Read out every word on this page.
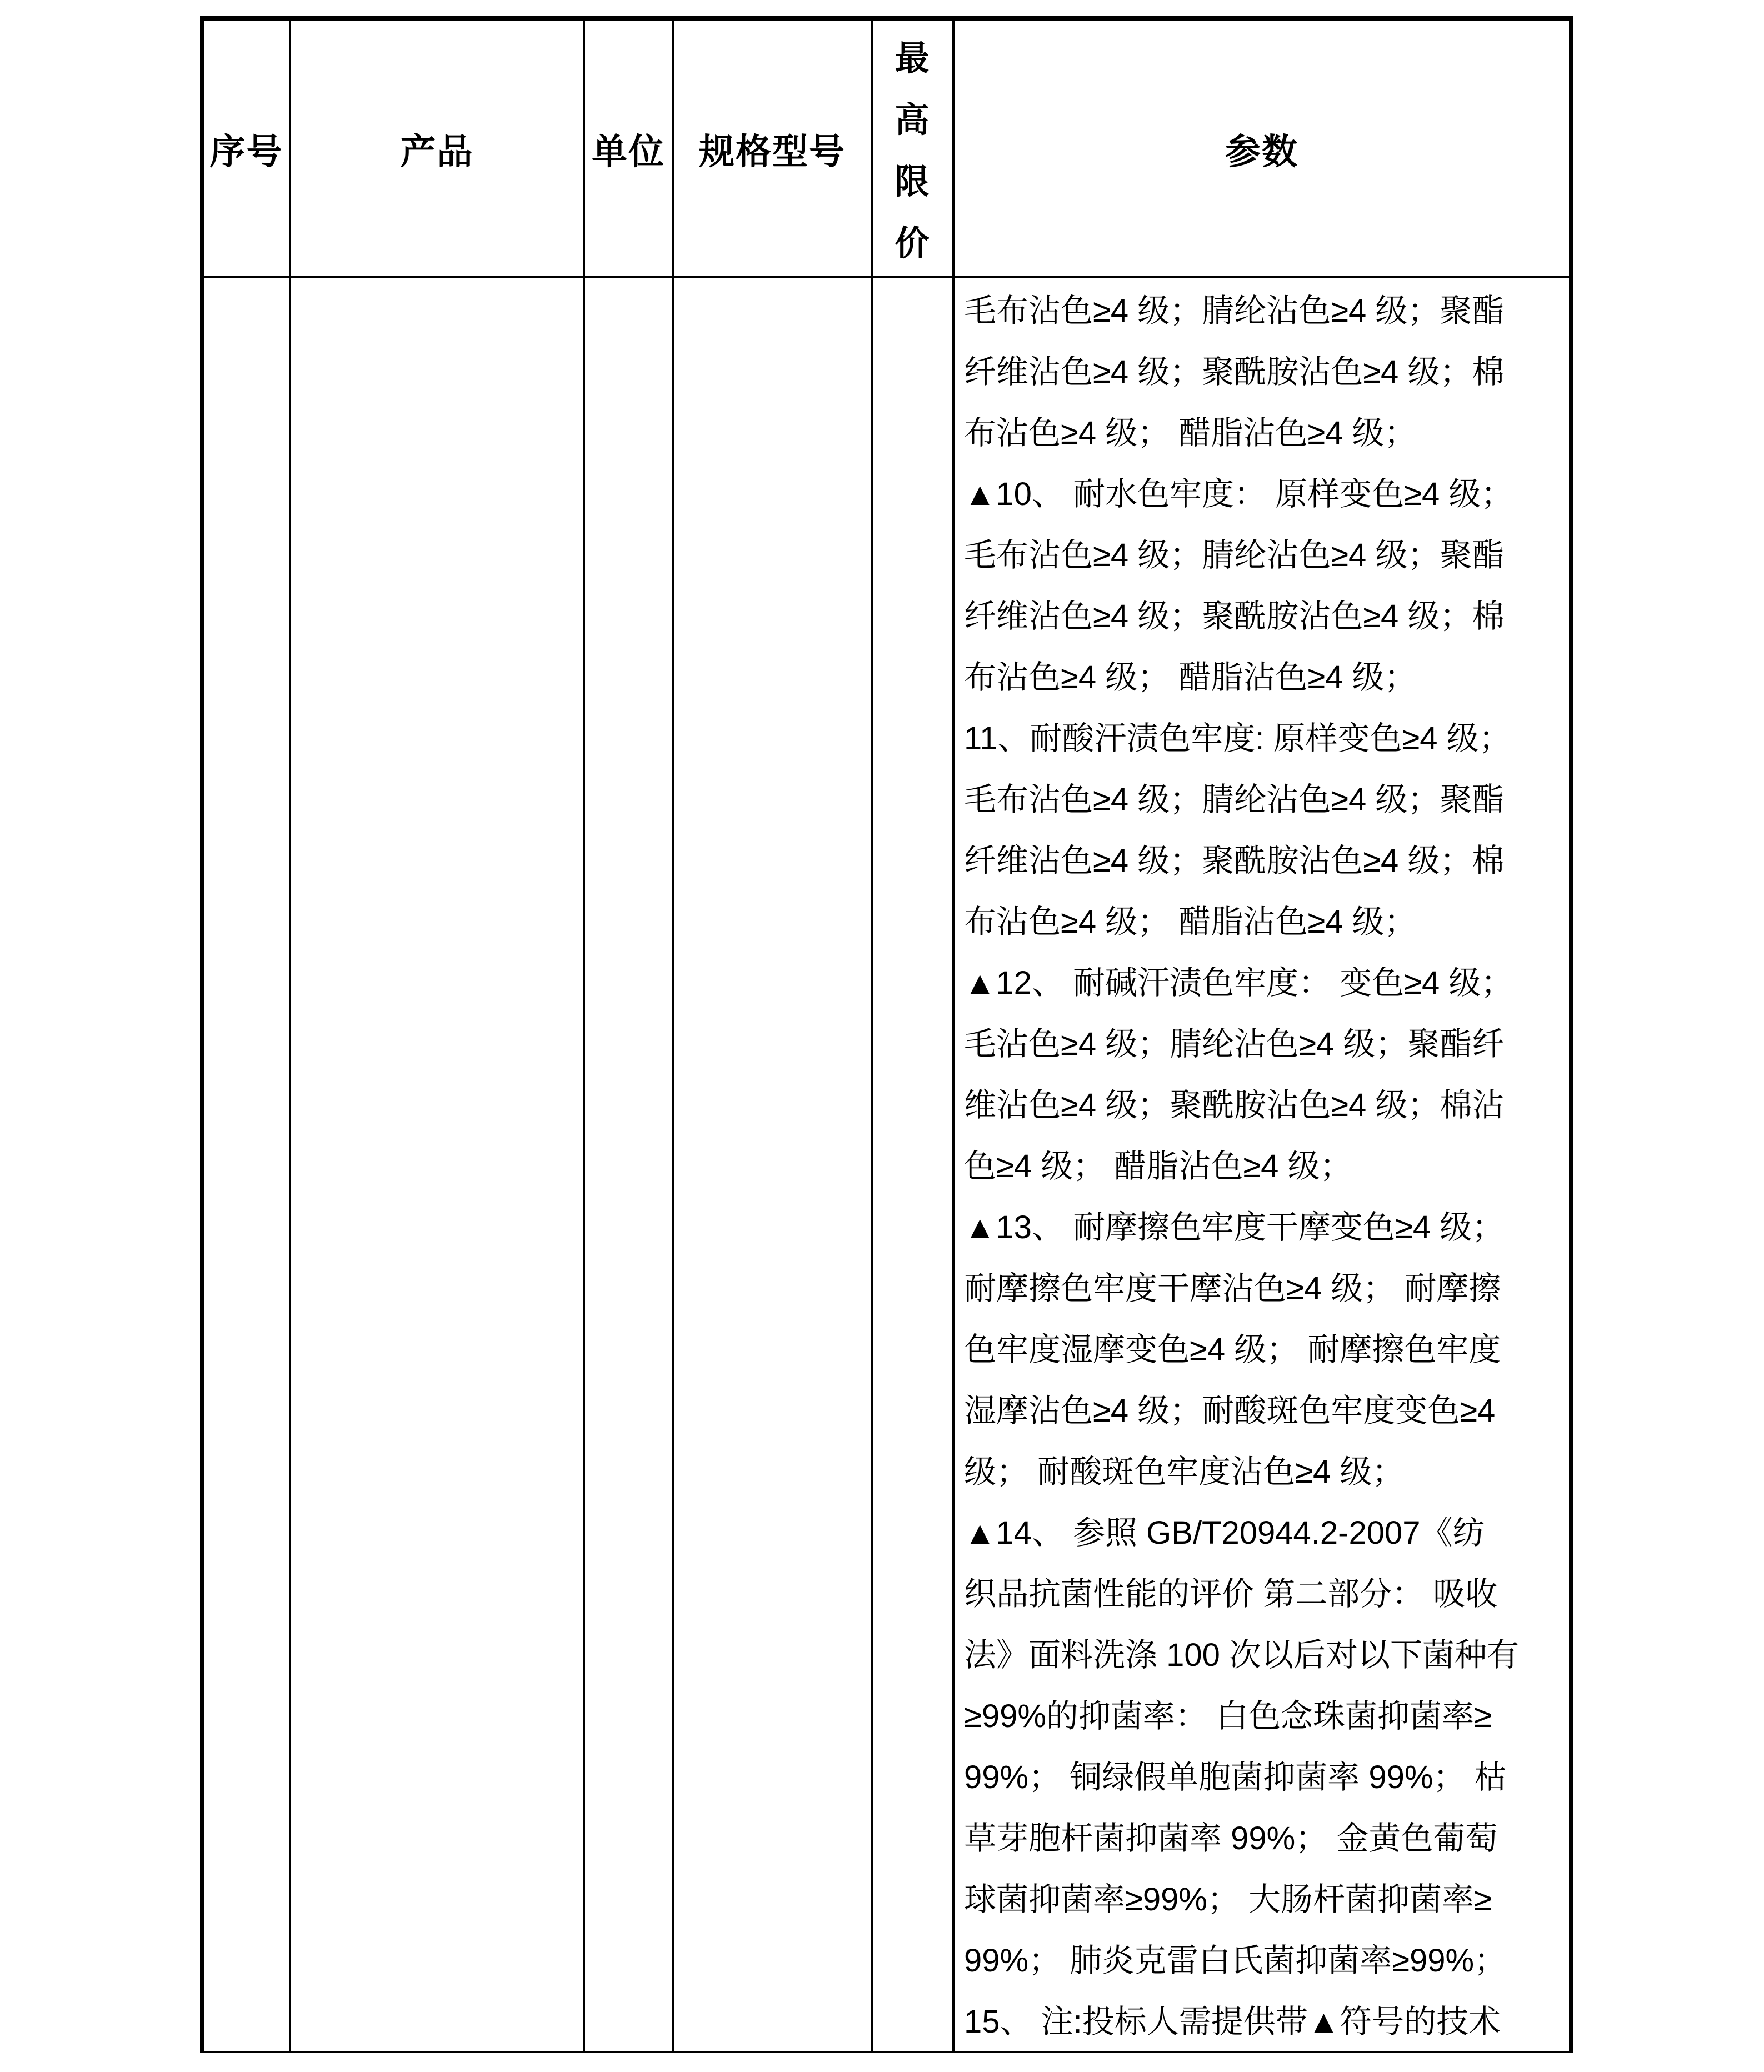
序号	产品	单位 规格型号
最高限价
参数
毛布沾色≥4 级；腈纶沾色≥4 级；聚酯
纤维沾色≥4 级；聚酰胺沾色≥4 级；棉
布沾色≥4 级； 醋脂沾色≥4 级；
▲10、 耐水色牢度： 原样变色≥4 级；
毛布沾色≥4 级；腈纶沾色≥4 级；聚酯
纤维沾色≥4 级；聚酰胺沾色≥4 级；棉
布沾色≥4 级； 醋脂沾色≥4 级；
11、耐酸汗渍色牢度: 原样变色≥4 级；
毛布沾色≥4 级；腈纶沾色≥4 级；聚酯
纤维沾色≥4 级；聚酰胺沾色≥4 级；棉
布沾色≥4 级； 醋脂沾色≥4 级；
▲12、 耐碱汗渍色牢度： 变色≥4 级；
毛沾色≥4 级；腈纶沾色≥4 级；聚酯纤
维沾色≥4 级；聚酰胺沾色≥4 级；棉沾
色≥4 级； 醋脂沾色≥4 级；
▲13、 耐摩擦色牢度干摩变色≥4 级；
耐摩擦色牢度干摩沾色≥4 级； 耐摩擦
色牢度湿摩变色≥4 级； 耐摩擦色牢度
湿摩沾色≥4 级；耐酸斑色牢度变色≥4
级； 耐酸斑色牢度沾色≥4 级；
▲14、 参照 GB/T20944.2-2007《纺
织品抗菌性能的评价 第二部分： 吸收
法》面料洗涤 100 次以后对以下菌种有
≥99%的抑菌率： 白色念珠菌抑菌率≥
99%； 铜绿假单胞菌抑菌率 99%； 枯
草芽胞杆菌抑菌率 99%； 金黄色葡萄
球菌抑菌率≥99%； 大肠杆菌抑菌率≥
99%； 肺炎克雷白氏菌抑菌率≥99%；
15、 注:投标人需提供带▲符号的技术
